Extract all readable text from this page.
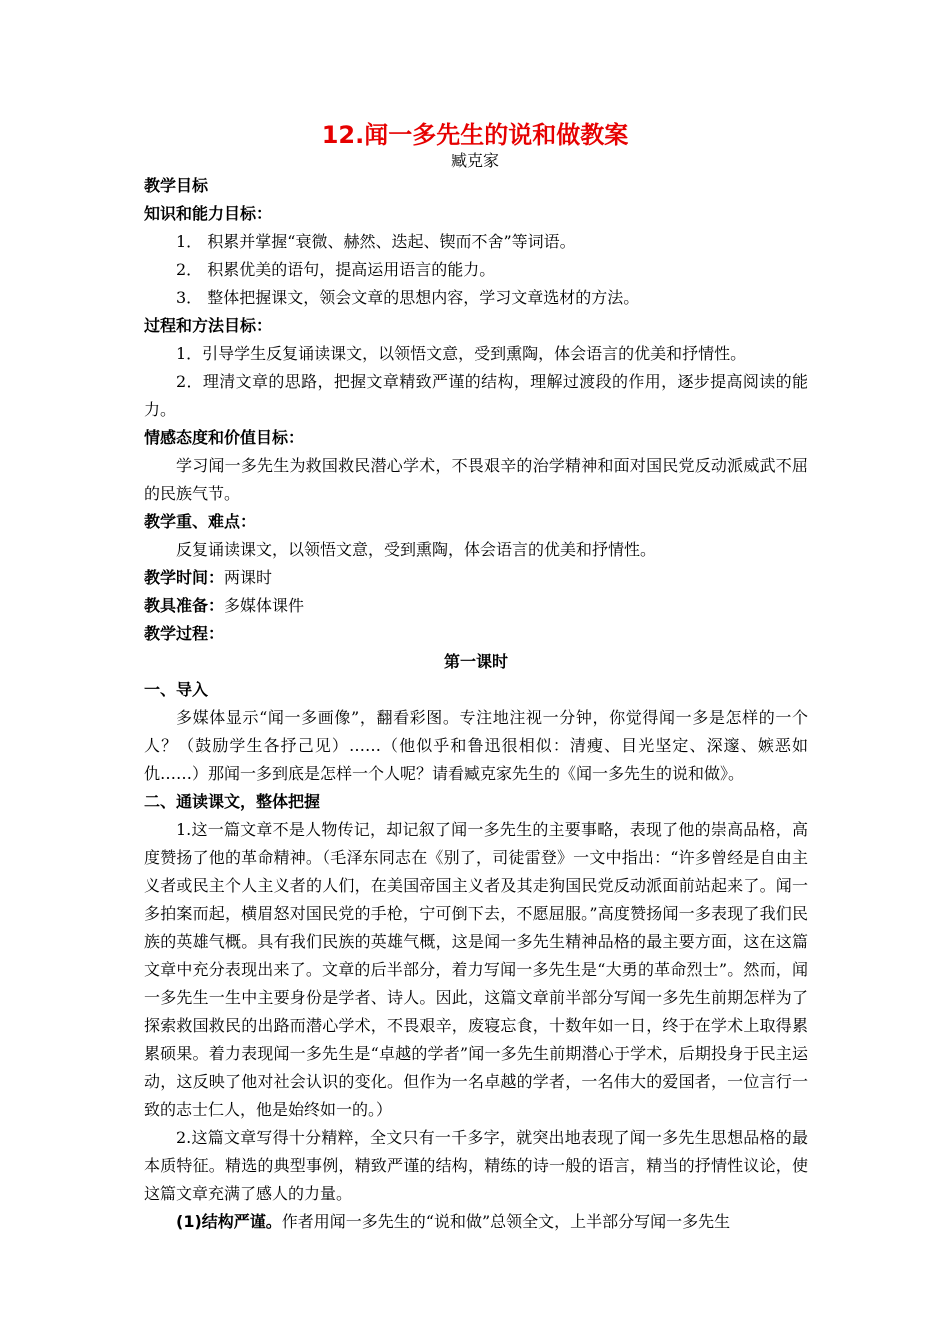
12.闻一多先生的说和做教案
臧克家

教学目标

知识和能力目标：

1． 积累并掌握“衰微、赫然、迭起、锲而不舍”等词语。

2． 积累优美的语句，提高运用语言的能力。

3． 整体把握课文，领会文章的思想内容，学习文章选材的方法。

过程和方法目标：

1．引导学生反复诵读课文，以领悟文意，受到熏陶，体会语言的优美和抒情性。

2．理清文章的思路，把握文章精致严谨的结构，理解过渡段的作用，逐步提高阅读的能力。

情感态度和价值目标：

学习闻一多先生为救国救民潜心学术，不畏艰辛的治学精神和面对国民党反动派威武不屈的民族气节。

教学重、难点：

反复诵读课文，以领悟文意，受到熏陶，体会语言的优美和抒情性。

教学时间：两课时

教具准备：多媒体课件

教学过程：

第一课时

一、导入

多媒体显示“闻一多画像”，翻看彩图。专注地注视一分钟，你觉得闻一多是怎样的一个人？（鼓励学生各抒己见）……（他似乎和鲁迅很相似：清瘦、目光坚定、深邃、嫉恶如仇……）那闻一多到底是怎样一个人呢？请看臧克家先生的《闻一多先生的说和做》。

二、通读课文，整体把握

1.这一篇文章不是人物传记，却记叙了闻一多先生的主要事略，表现了他的崇高品格，高度赞扬了他的革命精神。（毛泽东同志在《别了，司徒雷登》一文中指出：“许多曾经是自由主义者或民主个人主义者的人们，在美国帝国主义者及其走狗国民党反动派面前站起来了。闻一多拍案而起，横眉怒对国民党的手枪，宁可倒下去，不愿屈服。”高度赞扬闻一多表现了我们民族的英雄气概。具有我们民族的英雄气概，这是闻一多先生精神品格的最主要方面，这在这篇文章中充分表现出来了。文章的后半部分，着力写闻一多先生是“大勇的革命烈士”。然而，闻一多先生一生中主要身份是学者、诗人。因此，这篇文章前半部分写闻一多先生前期怎样为了探索救国救民的出路而潜心学术，不畏艰辛，废寝忘食，十数年如一日，终于在学术上取得累累硕果。着力表现闻一多先生是“卓越的学者”闻一多先生前期潜心于学术，后期投身于民主运动，这反映了他对社会认识的变化。但作为一名卓越的学者，一名伟大的爱国者，一位言行一致的志士仁人，他是始终如一的。）

2.这篇文章写得十分精粹，全文只有一千多字，就突出地表现了闻一多先生思想品格的最本质特征。精选的典型事例，精致严谨的结构，精练的诗一般的语言，精当的抒情性议论，使这篇文章充满了感人的力量。

(1)结构严谨。作者用闻一多先生的“说和做”总领全文，上半部分写闻一多先生
